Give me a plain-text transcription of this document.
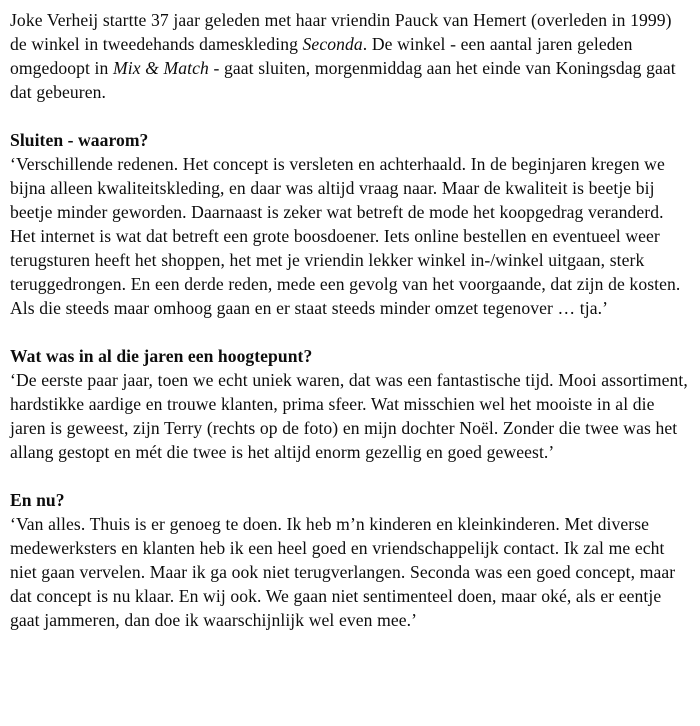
Joke Verheij startte 37 jaar geleden met haar vriendin Pauck van Hemert (overleden in 1999) de winkel in tweedehands dameskleding Seconda. De winkel - een aantal jaren geleden omgedoopt in Mix & Match - gaat sluiten, morgenmiddag aan het einde van Koningsdag gaat dat gebeuren.

Sluiten - waarom?

‘Verschillende redenen. Het concept is versleten en achterhaald. In de beginjaren kregen we bijna alleen kwaliteitskleding, en daar was altijd vraag naar. Maar de kwaliteit is beetje bij beetje minder geworden. Daarnaast is zeker wat betreft de mode het koopgedrag veranderd. Het internet is wat dat betreft een grote boosdoener. Iets online bestellen en eventueel weer terugsturen heeft het shoppen, het met je vriendin lekker winkel in-/winkel uitgaan, sterk teruggedrongen. En een derde reden, mede een gevolg van het voorgaande, dat zijn de kosten. Als die steeds maar omhoog gaan en er staat steeds minder omzet tegenover … tja.’

Wat was in al die jaren een hoogtepunt?

‘De eerste paar jaar, toen we echt uniek waren, dat was een fantastische tijd. Mooi assortiment, hardstikke aardige en trouwe klanten, prima sfeer. Wat misschien wel het mooiste in al die jaren is geweest, zijn Terry (rechts op de foto) en mijn dochter Noël. Zonder die twee was het allang gestopt en mét die twee is het altijd enorm gezellig en goed geweest.’

En nu?

‘Van alles. Thuis is er genoeg te doen. Ik heb m’n kinderen en kleinkinderen. Met diverse medewerksters en klanten heb ik een heel goed en vriendschappelijk contact. Ik zal me echt niet gaan vervelen. Maar ik ga ook niet terugverlangen. Seconda was een goed concept, maar dat concept is nu klaar. En wij ook. We gaan niet sentimenteel doen, maar oké, als er eentje gaat jammeren, dan doe ik waarschijnlijk wel even mee.’
